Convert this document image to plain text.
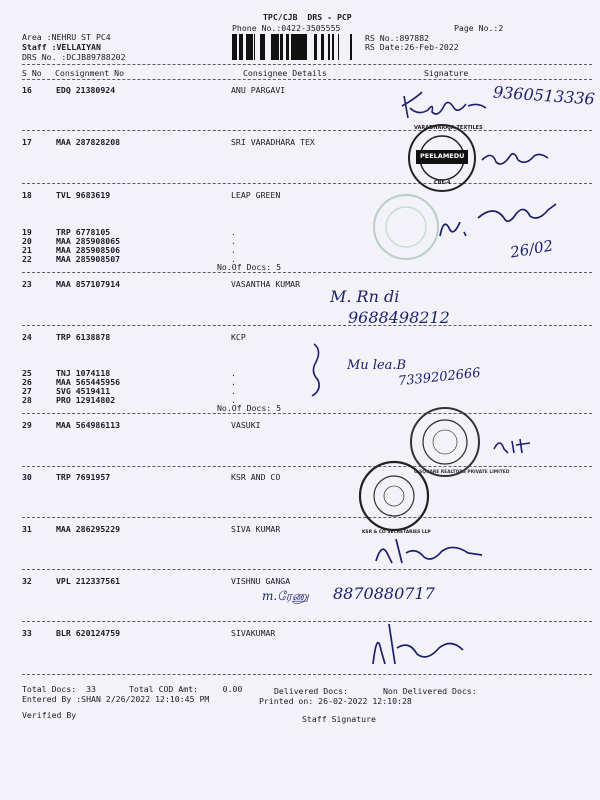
TPC/CJB  DRS - PCP
Phone No.:0422-3505555	Page No.:2
Area :NEHRU ST PC4
Staff :VELLAIYAN
DRS No. :DCJB89788202
RS No.:897882
RS Date:26-Feb-2022
S No Consignment No	Consignee Details	Signature
16	EDQ 21380924	ANU PARGAVI
17	MAA 287828208	SRI VARADHARA TEX
18	TVL 9683619	LEAP GREEN
19	TRP 6778105	.
20	MAA 285908065	.
21	MAA 285908506	.
22	MAA 285908507	.
23	MAA 857107914	VASANTHA KUMAR
24	TRP 6138878	KCP
25	TNJ 1074118	.
26	MAA 565445956	.
27	SVG 4519411	.
28	PRO 12914802	.
29	MAA 564986113	VASUKI
30	TRP 7691957	KSR AND CO
31	MAA 286295229	SIVA KUMAR
32	VPL 212337561	VISHNU GANGA
33	BLR 620124759	SIVAKUMAR
No.Of Docs: 5
No.Of Docs: 5
9360513336
PEELAMEDU
VARADHARAJA TEXTILES
CBE-4
26/02
M. Rn di
9688498212
Mu lea.B
7339202666
G SQUARE REALTORS PRIVATE LIMITED
KSR & CO SECRETARIES LLP
m.ரேணு 8870880717
Total Docs:  33	Total COD Amt:     0.00	Delivered Docs:	Non Delivered Docs:
Entered By :SHAN 2/26/2022 12:10:45 PM	Printed on: 26-02-2022 12:10:28
Verified By	Staff Signature
